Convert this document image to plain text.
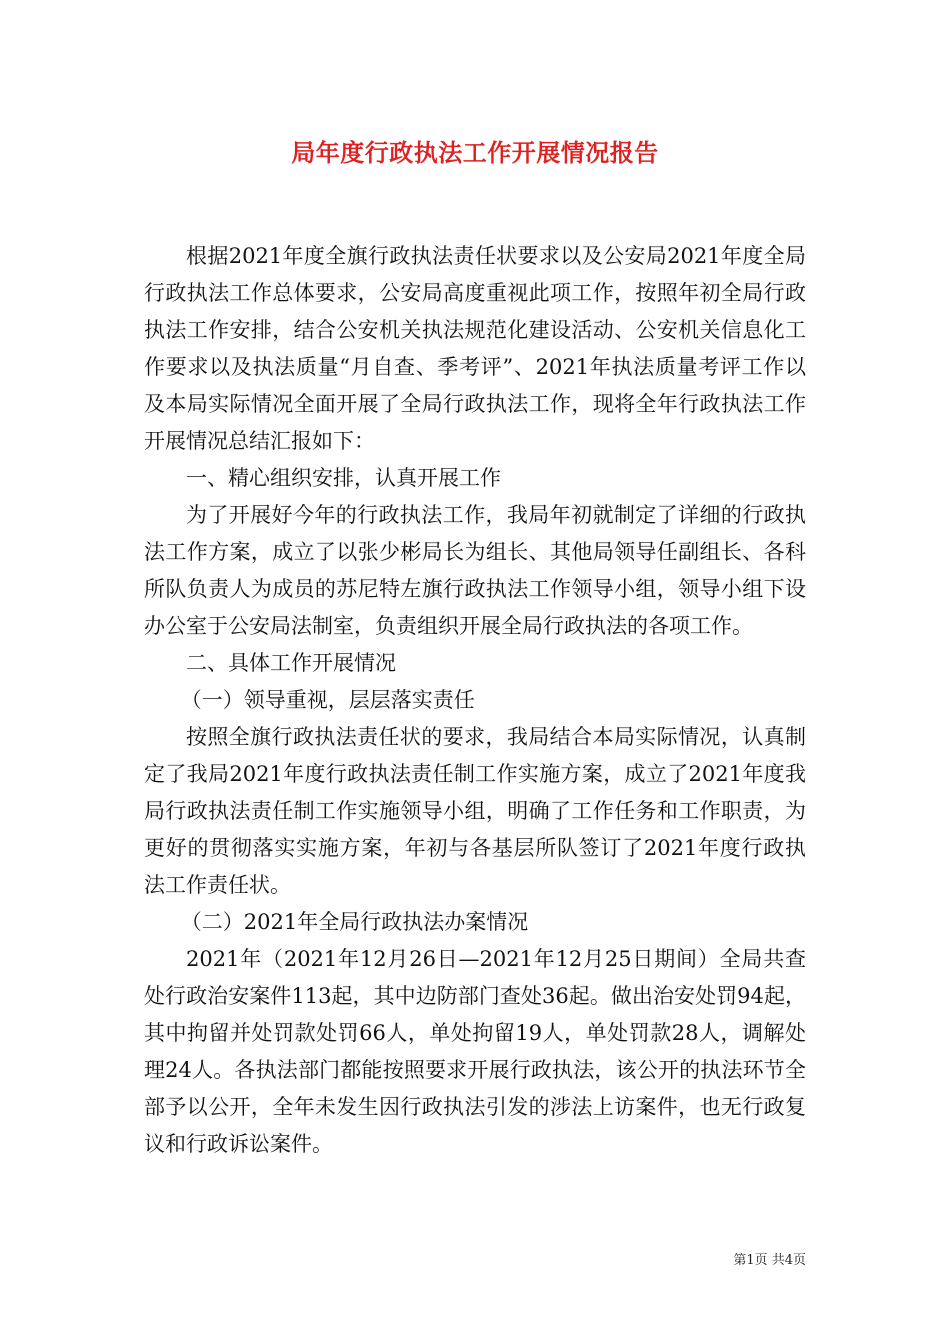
局年度行政执法工作开展情况报告

根据2021年度全旗行政执法责任状要求以及公安局2021年度全局行政执法工作总体要求，公安局高度重视此项工作，按照年初全局行政执法工作安排，结合公安机关执法规范化建设活动、公安机关信息化工作要求以及执法质量“月自查、季考评”、2021年执法质量考评工作以及本局实际情况全面开展了全局行政执法工作，现将全年行政执法工作开展情况总结汇报如下：

一、精心组织安排，认真开展工作

为了开展好今年的行政执法工作，我局年初就制定了详细的行政执法工作方案，成立了以张少彬局长为组长、其他局领导任副组长、各科所队负责人为成员的苏尼特左旗行政执法工作领导小组，领导小组下设办公室于公安局法制室，负责组织开展全局行政执法的各项工作。

二、具体工作开展情况

（一）领导重视，层层落实责任

按照全旗行政执法责任状的要求，我局结合本局实际情况，认真制定了我局2021年度行政执法责任制工作实施方案，成立了2021年度我局行政执法责任制工作实施领导小组，明确了工作任务和工作职责，为更好的贯彻落实实施方案，年初与各基层所队签订了2021年度行政执法工作责任状。

（二）2021年全局行政执法办案情况

2021年（2021年12月26日—2021年12月25日期间）全局共查处行政治安案件113起，其中边防部门查处36起。做出治安处罚94起，其中拘留并处罚款处罚66人，单处拘留19人，单处罚款28人，调解处理24人。各执法部门都能按照要求开展行政执法，该公开的执法环节全部予以公开，全年未发生因行政执法引发的涉法上访案件，也无行政复议和行政诉讼案件。

第1页 共4页
